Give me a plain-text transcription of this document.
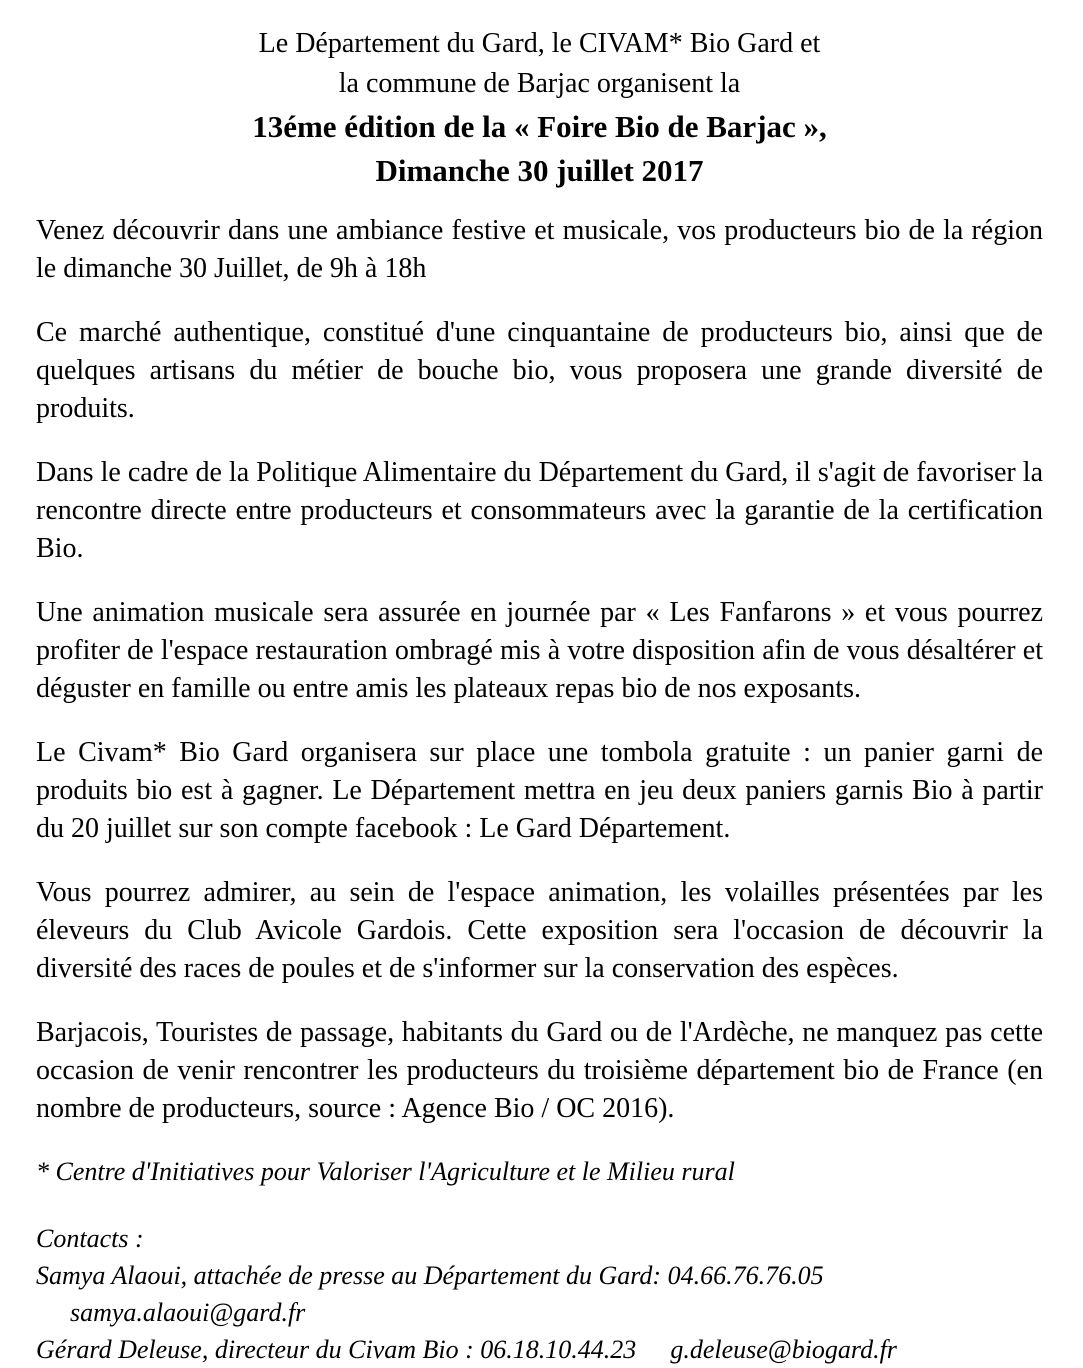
Le Département du Gard, le CIVAM* Bio Gard et
la commune de Barjac organisent la
13éme édition de la « Foire Bio de Barjac »,
Dimanche 30 juillet 2017

Venez découvrir dans une ambiance festive et musicale, vos producteurs bio de la région le dimanche 30 Juillet, de 9h à 18h

Ce marché authentique, constitué d'une cinquantaine de producteurs bio, ainsi que de quelques artisans du métier de bouche bio, vous proposera une grande diversité de produits.

Dans le cadre de la Politique Alimentaire du Département du Gard, il s'agit de favoriser la rencontre directe entre producteurs et consommateurs avec la garantie de la certification Bio.

Une animation musicale sera assurée en journée par « Les Fanfarons » et vous pourrez profiter de l'espace restauration ombragé mis à votre disposition afin de vous désaltérer et déguster en famille ou entre amis les plateaux repas bio de nos exposants.

Le Civam* Bio Gard organisera sur place une tombola gratuite : un panier garni de produits bio est à gagner. Le Département mettra en jeu deux paniers garnis Bio à partir du 20 juillet sur son compte facebook : Le Gard Département.

Vous pourrez admirer, au sein de l'espace animation, les volailles présentées par les éleveurs du Club Avicole Gardois. Cette exposition sera l'occasion de découvrir la diversité des races de poules et de s'informer sur la conservation des espèces.

Barjacois, Touristes de passage, habitants du Gard ou de l'Ardèche, ne manquez pas cette occasion de venir rencontrer les producteurs du troisième département bio de France (en nombre de producteurs, source : Agence Bio / OC 2016).

* Centre d'Initiatives pour Valoriser l'Agriculture et le Milieu rural
Contacts :
Samya Alaoui, attachée de presse au Département du Gard: 04.66.76.76.05samya.alaoui@gard.fr
Gérard Deleuse, directeur du Civam Bio : 06.18.10.44.23 g.deleuse@biogard.fr
